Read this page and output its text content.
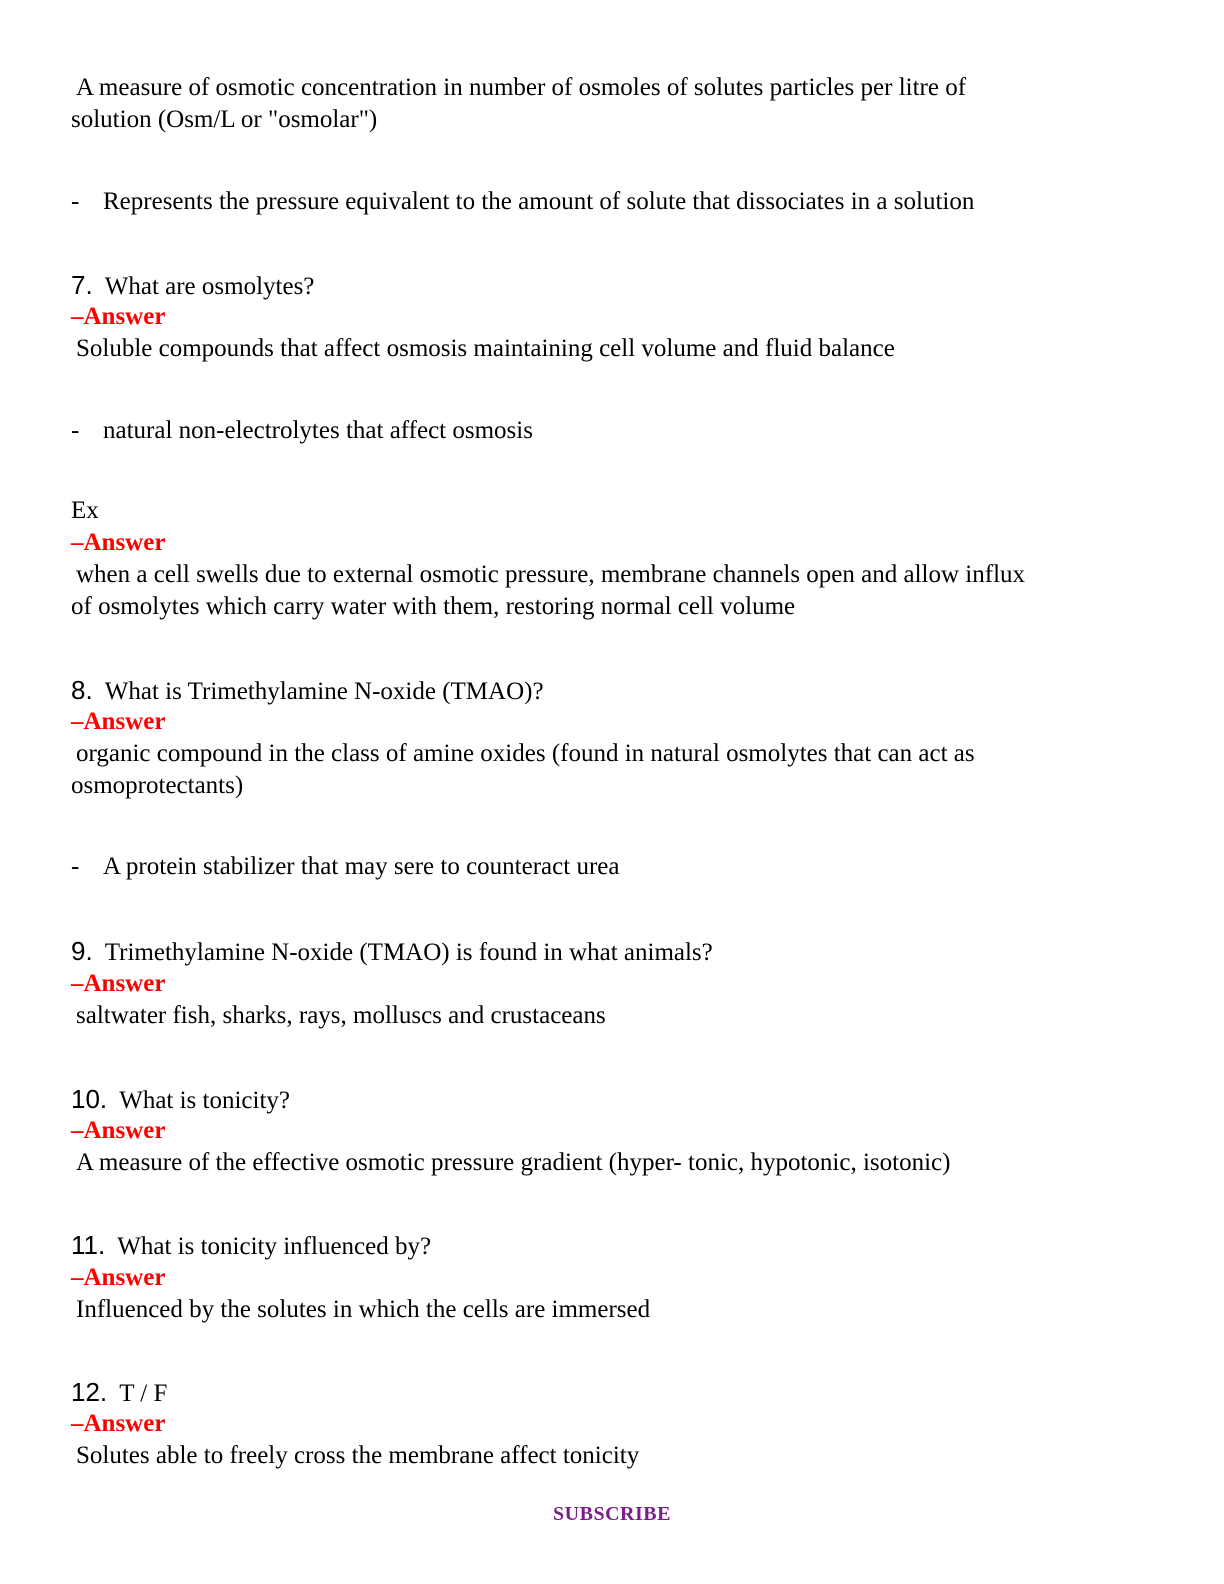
A measure of osmotic concentration in number of osmoles of solutes particles per litre of
solution (Osm/L or "osmolar")
- Represents the pressure equivalent to the amount of solute that dissociates in a solution
7. What are osmolytes?
–Answer
Soluble compounds that affect osmosis maintaining cell volume and fluid balance
- natural non-electrolytes that affect osmosis
Ex
–Answer
when a cell swells due to external osmotic pressure, membrane channels open and allow influx
of osmolytes which carry water with them, restoring normal cell volume
8. What is Trimethylamine N-oxide (TMAO)?
–Answer
organic compound in the class of amine oxides (found in natural osmolytes that can act as
osmoprotectants)
- A protein stabilizer that may sere to counteract urea
9. Trimethylamine N-oxide (TMAO) is found in what animals?
–Answer
saltwater fish, sharks, rays, molluscs and crustaceans
10. What is tonicity?
–Answer
A measure of the effective osmotic pressure gradient (hyper- tonic, hypotonic, isotonic)
11. What is tonicity influenced by?
–Answer
Influenced by the solutes in which the cells are immersed
12. T / F
–Answer
Solutes able to freely cross the membrane affect tonicity
SUBSCRIBE
